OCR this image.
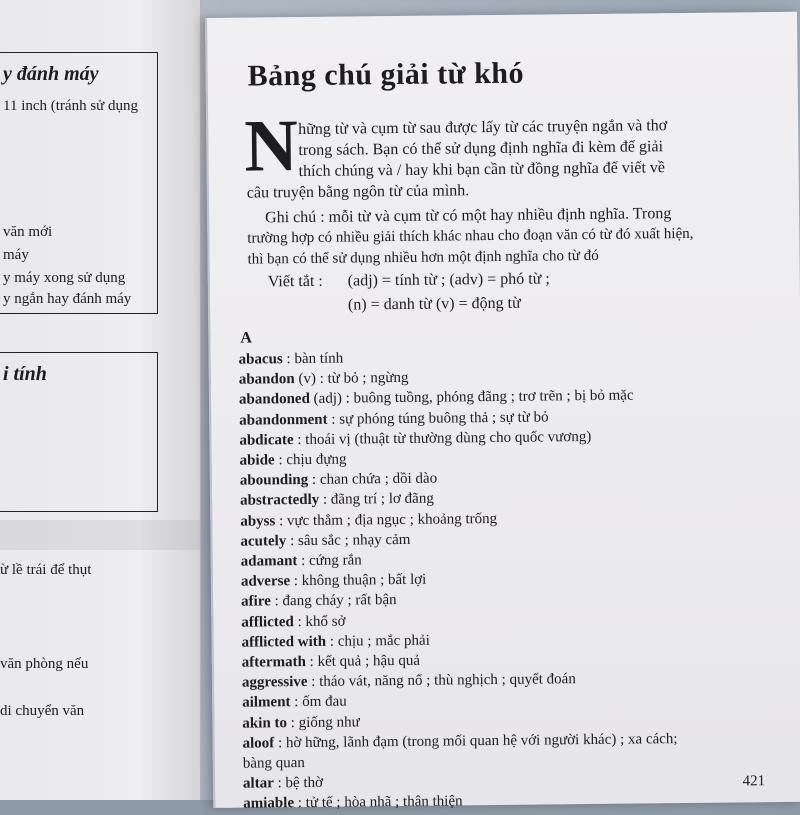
y đánh máy
11 inch (tránh sử dụng
văn mới
máy
y máy xong sử dụng
y ngắn hay đánh máy
i tính
ừ lề trái để thụt
văn phòng nếu
di chuyển văn
Bảng chú giải từ khó
N hững từ và cụm từ sau được lấy từ các truyện ngắn và thơ
trong sách. Bạn có thể sử dụng định nghĩa đi kèm để giải
thích chúng và / hay khi bạn cần từ đồng nghĩa để viết về
câu truyện bằng ngôn từ của mình.
Ghi chú : mỗi từ và cụm từ có một hay nhiều định nghĩa. Trong
trường hợp có nhiều giải thích khác nhau cho đoạn văn có từ đó xuất hiện,
thì bạn có thể sử dụng nhiều hơn một định nghĩa cho từ đó
Viết tắt : (adj) = tính từ ; (adv) = phó từ ;
(n) = danh từ (v) = động từ
A
abacus : bàn tính
abandon (v) : từ bỏ ; ngừng
abandoned (adj) : buông tuồng, phóng đãng ; trơ trẽn ; bị bỏ mặc
abandonment : sự phóng túng buông thả ; sự từ bỏ
abdicate : thoái vị (thuật từ thường dùng cho quốc vương)
abide : chịu đựng
abounding : chan chứa ; dồi dào
abstractedly : đãng trí ; lơ đãng
abyss : vực thẳm ; địa ngục ; khoảng trống
acutely : sâu sắc ; nhạy cảm
adamant : cứng rắn
adverse : không thuận ; bất lợi
afire : đang cháy ; rất bận
afflicted : khổ sở
afflicted with : chịu ; mắc phải
aftermath : kết quả ; hậu quả
aggressive : tháo vát, năng nổ ; thù nghịch ; quyết đoán
ailment : ốm đau
akin to : giống như
aloof : hờ hững, lãnh đạm (trong mối quan hệ với người khác) ; xa cách;
bàng quan
altar : bệ thờ
amiable : tử tế ; hòa nhã ; thân thiện
421
